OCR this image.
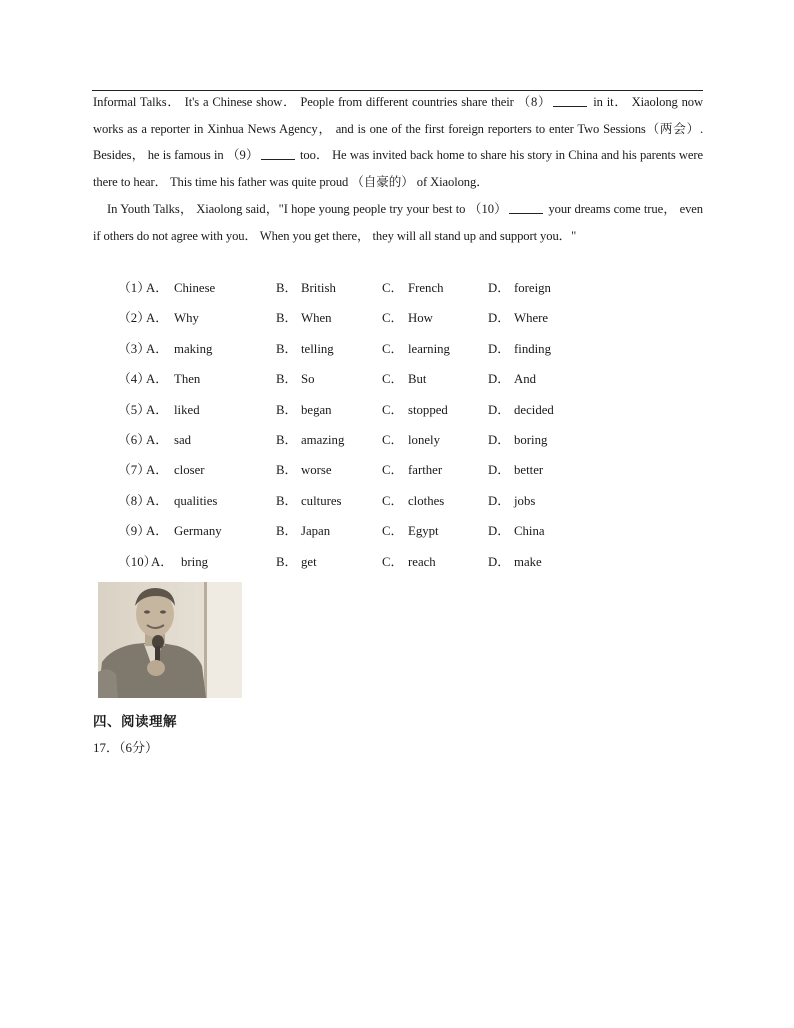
Informal Talks． It's a Chinese show． People from different countries share their （8）	in it． Xiaolong now works as a reporter in Xinhua News Agency， and is one of the first foreign reporters to enter Two Sessions（两会）. Besides， he is famous in （9）	too． He was invited back home to share his story in China and his parents were there to hear． This time his father was quite proud （自豪的） of Xiaolong．
In Youth Talks， Xiaolong said，"I hope young people try your best to （10）	your dreams come true， even if others do not agree with you． When you get there， they will all stand up and support you．"
（1）
A． Chinese	B． British	C． French	D． foreign
（2）
A． Why	B． When	C． How	D． Where
（3）
A． making	B． telling	C． learning	D． finding
（4）
A． Then	B． So	C． But	D． And
（5）
A． liked	B． began	C． stopped	D． decided
（6）
A． sad	B． amazing	C． lonely	D． boring
（7）
A． closer	B． worse	C． farther	D． better
（8）
A． qualities	B． cultures	C． clothes	D． jobs
（9）
A． Germany	B． Japan	C． Egypt	D． China
（10）
A． bring	B． get	C． reach	D． make
四、阅读理解
17．（6分）
